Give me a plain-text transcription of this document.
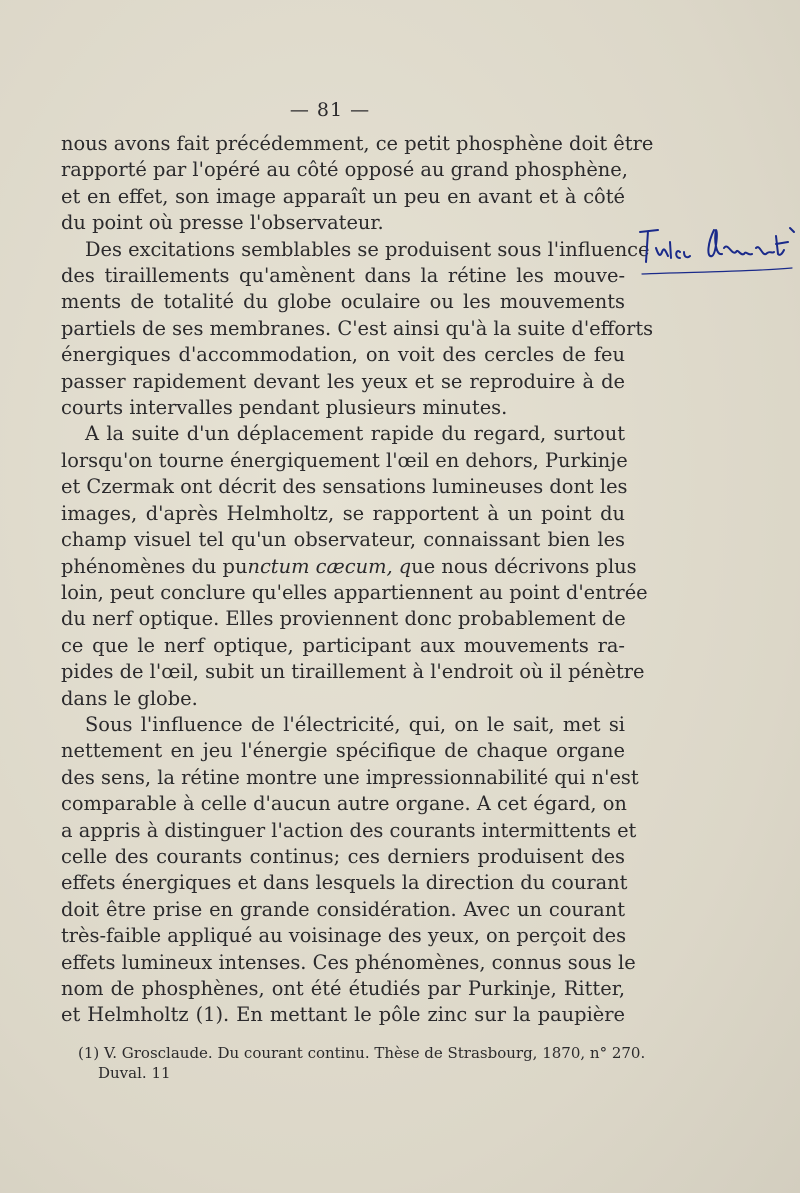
— 81 —
nous avons fait précédemment, ce petit phosphène doit être
rapporté par l'opéré au côté opposé au grand phosphène,
et en effet, son image apparaît un peu en avant et à côté
du point où presse l'observateur.
Des excitations semblables se produisent sous l'influence
des tiraillements qu'amènent dans la rétine les mouve-
ments de totalité du globe oculaire ou les mouvements
partiels de ses membranes. C'est ainsi qu'à la suite d'efforts
énergiques d'accommodation, on voit des cercles de feu
passer rapidement devant les yeux et se reproduire à de
courts intervalles pendant plusieurs minutes.
A la suite d'un déplacement rapide du regard, surtout
lorsqu'on tourne énergiquement l'œil en dehors, Purkinje
et Czermak ont décrit des sensations lumineuses dont les
images, d'après Helmholtz, se rapportent à un point du
champ visuel tel qu'un observateur, connaissant bien les
phénomènes du punctum cæcum, que nous décrivons plus
loin, peut conclure qu'elles appartiennent au point d'entrée
du nerf optique. Elles proviennent donc probablement de
ce que le nerf optique, participant aux mouvements ra-
pides de l'œil, subit un tiraillement à l'endroit où il pénètre
dans le globe.
Sous l'influence de l'électricité, qui, on le sait, met si
nettement en jeu l'énergie spécifique de chaque organe
des sens, la rétine montre une impressionnabilité qui n'est
comparable à celle d'aucun autre organe. A cet égard, on
a appris à distinguer l'action des courants intermittents et
celle des courants continus; ces derniers produisent des
effets énergiques et dans lesquels la direction du courant
doit être prise en grande considération. Avec un courant
très-faible appliqué au voisinage des yeux, on perçoit des
effets lumineux intenses. Ces phénomènes, connus sous le
nom de phosphènes, ont été étudiés par Purkinje, Ritter,
et Helmholtz (1). En mettant le pôle zinc sur la paupière
(1) V. Grosclaude. Du courant continu. Thèse de Strasbourg, 1870, n° 270.
Duval. 11
Tir. en allemand
